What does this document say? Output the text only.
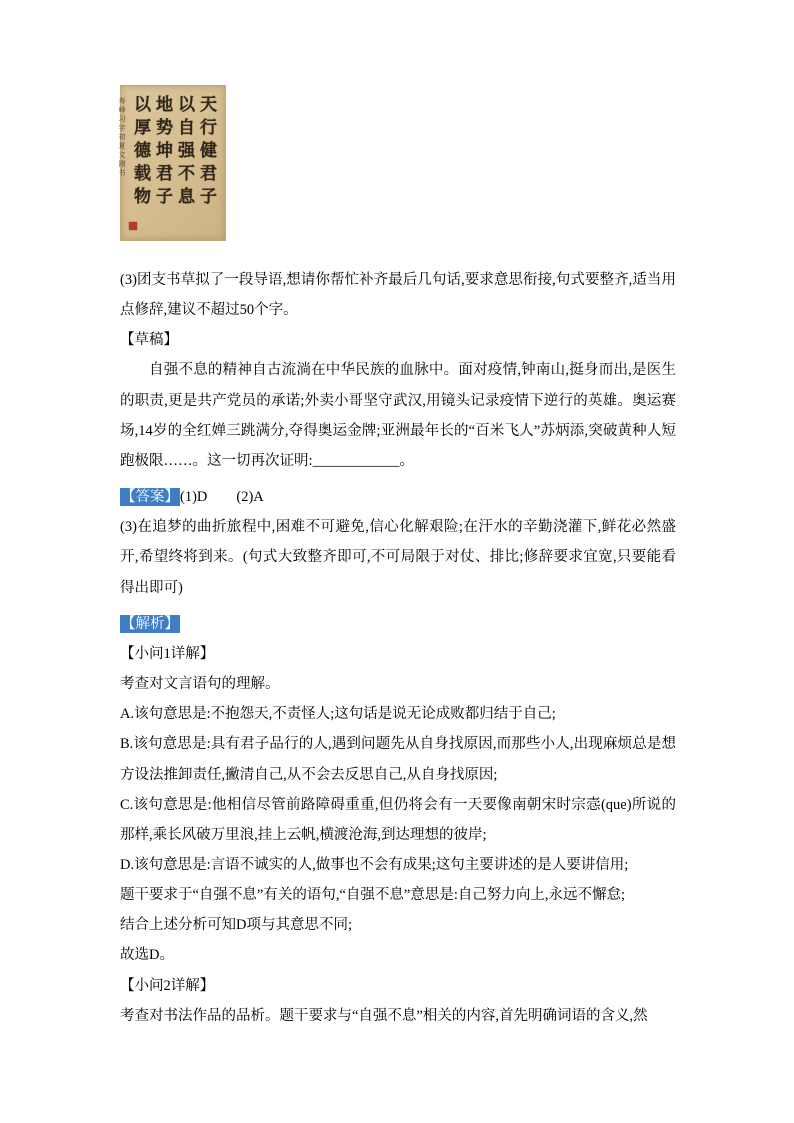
天行健君子
以自强不息
地势坤君子
以厚德载物
寿峰习字初夏文刚书

(3)团支书草拟了一段导语,想请你帮忙补齐最后几句话,要求意思衔接,句式要整齐,适当用点修辞,建议不超过50个字。

【草稿】

自强不息的精神自古流淌在中华民族的血脉中。面对疫情,钟南山,挺身而出,是医生的职责,更是共产党员的承诺;外卖小哥坚守武汉,用镜头记录疫情下逆行的英雄。奥运赛场,14岁的全红婵三跳满分,夺得奥运金牌;亚洲最年长的“百米飞人”苏炳添,突破黄种人短跑极限……。这一切再次证明:____________。

【答案】(1)D　　(2)A

(3)在追梦的曲折旅程中,困难不可避免,信心化解艰险;在汗水的辛勤浇灌下,鲜花必然盛开,希望终将到来。(句式大致整齐即可,不可局限于对仗、排比;修辞要求宜宽,只要能看得出即可)

【解析】

【小问1详解】

考查对文言语句的理解。

A.该句意思是:不抱怨天,不责怪人;这句话是说无论成败都归结于自己;

B.该句意思是:具有君子品行的人,遇到问题先从自身找原因,而那些小人,出现麻烦总是想方设法推卸责任,撇清自己,从不会去反思自己,从自身找原因;

C.该句意思是:他相信尽管前路障碍重重,但仍将会有一天要像南朝宋时宗悫(que)所说的那样,乘长风破万里浪,挂上云帆,横渡沧海,到达理想的彼岸;

D.该句意思是:言语不诚实的人,做事也不会有成果;这句主要讲述的是人要讲信用;

题干要求于“自强不息”有关的语句,“自强不息”意思是:自己努力向上,永远不懈怠;

结合上述分析可知D项与其意思不同;

故选D。

【小问2详解】

考查对书法作品的品析。题干要求与“自强不息”相关的内容,首先明确词语的含义,然
